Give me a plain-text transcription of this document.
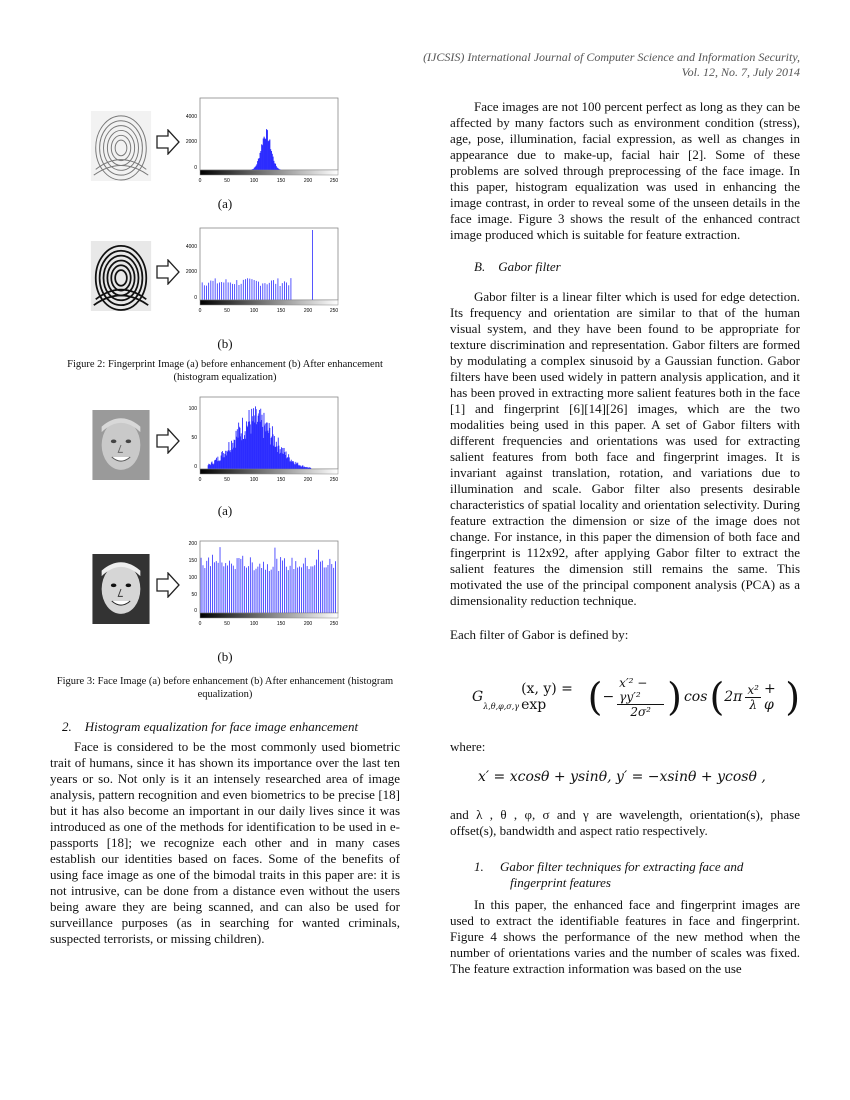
(IJCSIS) International Journal of Computer Science and Information Security,
Vol. 12, No. 7, July 2014
4000
2000
0
0	50	100	150	200	250
(a)
4000
2000
0
0	50	100	150	200	250
(b)
Figure 2: Fingerprint Image (a) before enhancement (b) After enhancement (histogram equalization)
100
50
0
0	50	100	150	200	250
(a)
200
150
100
50
0
0	50	100	150	200	250
(b)
Figure 3: Face Image (a) before enhancement (b) After enhancement (histogram equalization)
2.    Histogram equalization for face image enhancement

Face is considered to be the most commonly used biometric trait of humans, since it has shown its importance over the last ten years or so. Not only is it an intensely researched area of image analysis, pattern recognition and even biometrics to be precise [18] but it has also become an important in our daily lives since it was introduced as one of the methods for identification to be used in e-passports [18]; we recognize each other and in many cases establish our identities based on faces. Some of the benefits of using face image as one of the bimodal traits in this paper are: it is not intrusive, can be done from a distance even without the users being aware they are being scanned, and can also be used for surveillance purposes (as in searching for wanted criminals, suspected terrorists, or missing children).

Face images are not 100 percent perfect as long as they can be affected by many factors such as environment condition (stress), age, pose, illumination, facial expression, as well as changes in appearance due to make-up, facial hair [2]. Some of these problems are solved through preprocessing of the face image. In this paper, histogram equalization was used in enhancing the image contrast, in order to reveal some of the unseen details in the face image. Figure 3 shows the result of the enhanced contract image produced which is suitable for feature extraction.

B.    Gabor filter

Gabor filter is a linear filter which is used for edge detection. Its frequency and orientation are similar to that of the human visual system, and they have been found to be appropriate for texture discrimination and representation. Gabor filters are formed by modulating a complex sinusoid by a Gaussian function. Gabor filters have been used widely in pattern analysis application, and it has been proved in extracting more salient features both in the face [1] and fingerprint [6][14][26] images, which are the two modalities being used in this paper. A set of Gabor filters with different frequencies and orientations was used for extracting salient features from both face and fingerprint images. It is invariant against translation, rotation, and variations due to illumination and scale. Gabor filter also presents desirable characteristics of spatial locality and orientation selectivity. During feature extraction the dimension or size of the image does not change. For instance, in this paper the dimension of both face and fingerprint is 112x92, after applying Gabor filter to extract the salient features the dimension still remains the same. This motivated the use of the principal component analysis (PCA) as a dimensionality reduction technique.

Each filter of Gabor is defined by:

G
λ,θ,φ,σ,γ
(x, y) = exp	( − $\frac{\text{x′² − γy′²}}{\text{2σ²}}$ ) cos ( $2\pi \frac{\text{x²}}{\lambda} + \varphi$ )

where:

x′ = xcosθ + ysinθ, y′ = −xsinθ + ycosθ ,

and λ , θ , φ, σ and γ are wavelength, orientation(s), phase offset(s), bandwidth and aspect ratio respectively.

1.     Gabor filter techniques for extracting face and fingerprint features

In this paper, the enhanced face and fingerprint images are used to extract the identifiable features in face and fingerprint. Figure 4 shows the performance of the new method when the number of orientations varies and the number of scales was fixed. The feature extraction information was based on the use
